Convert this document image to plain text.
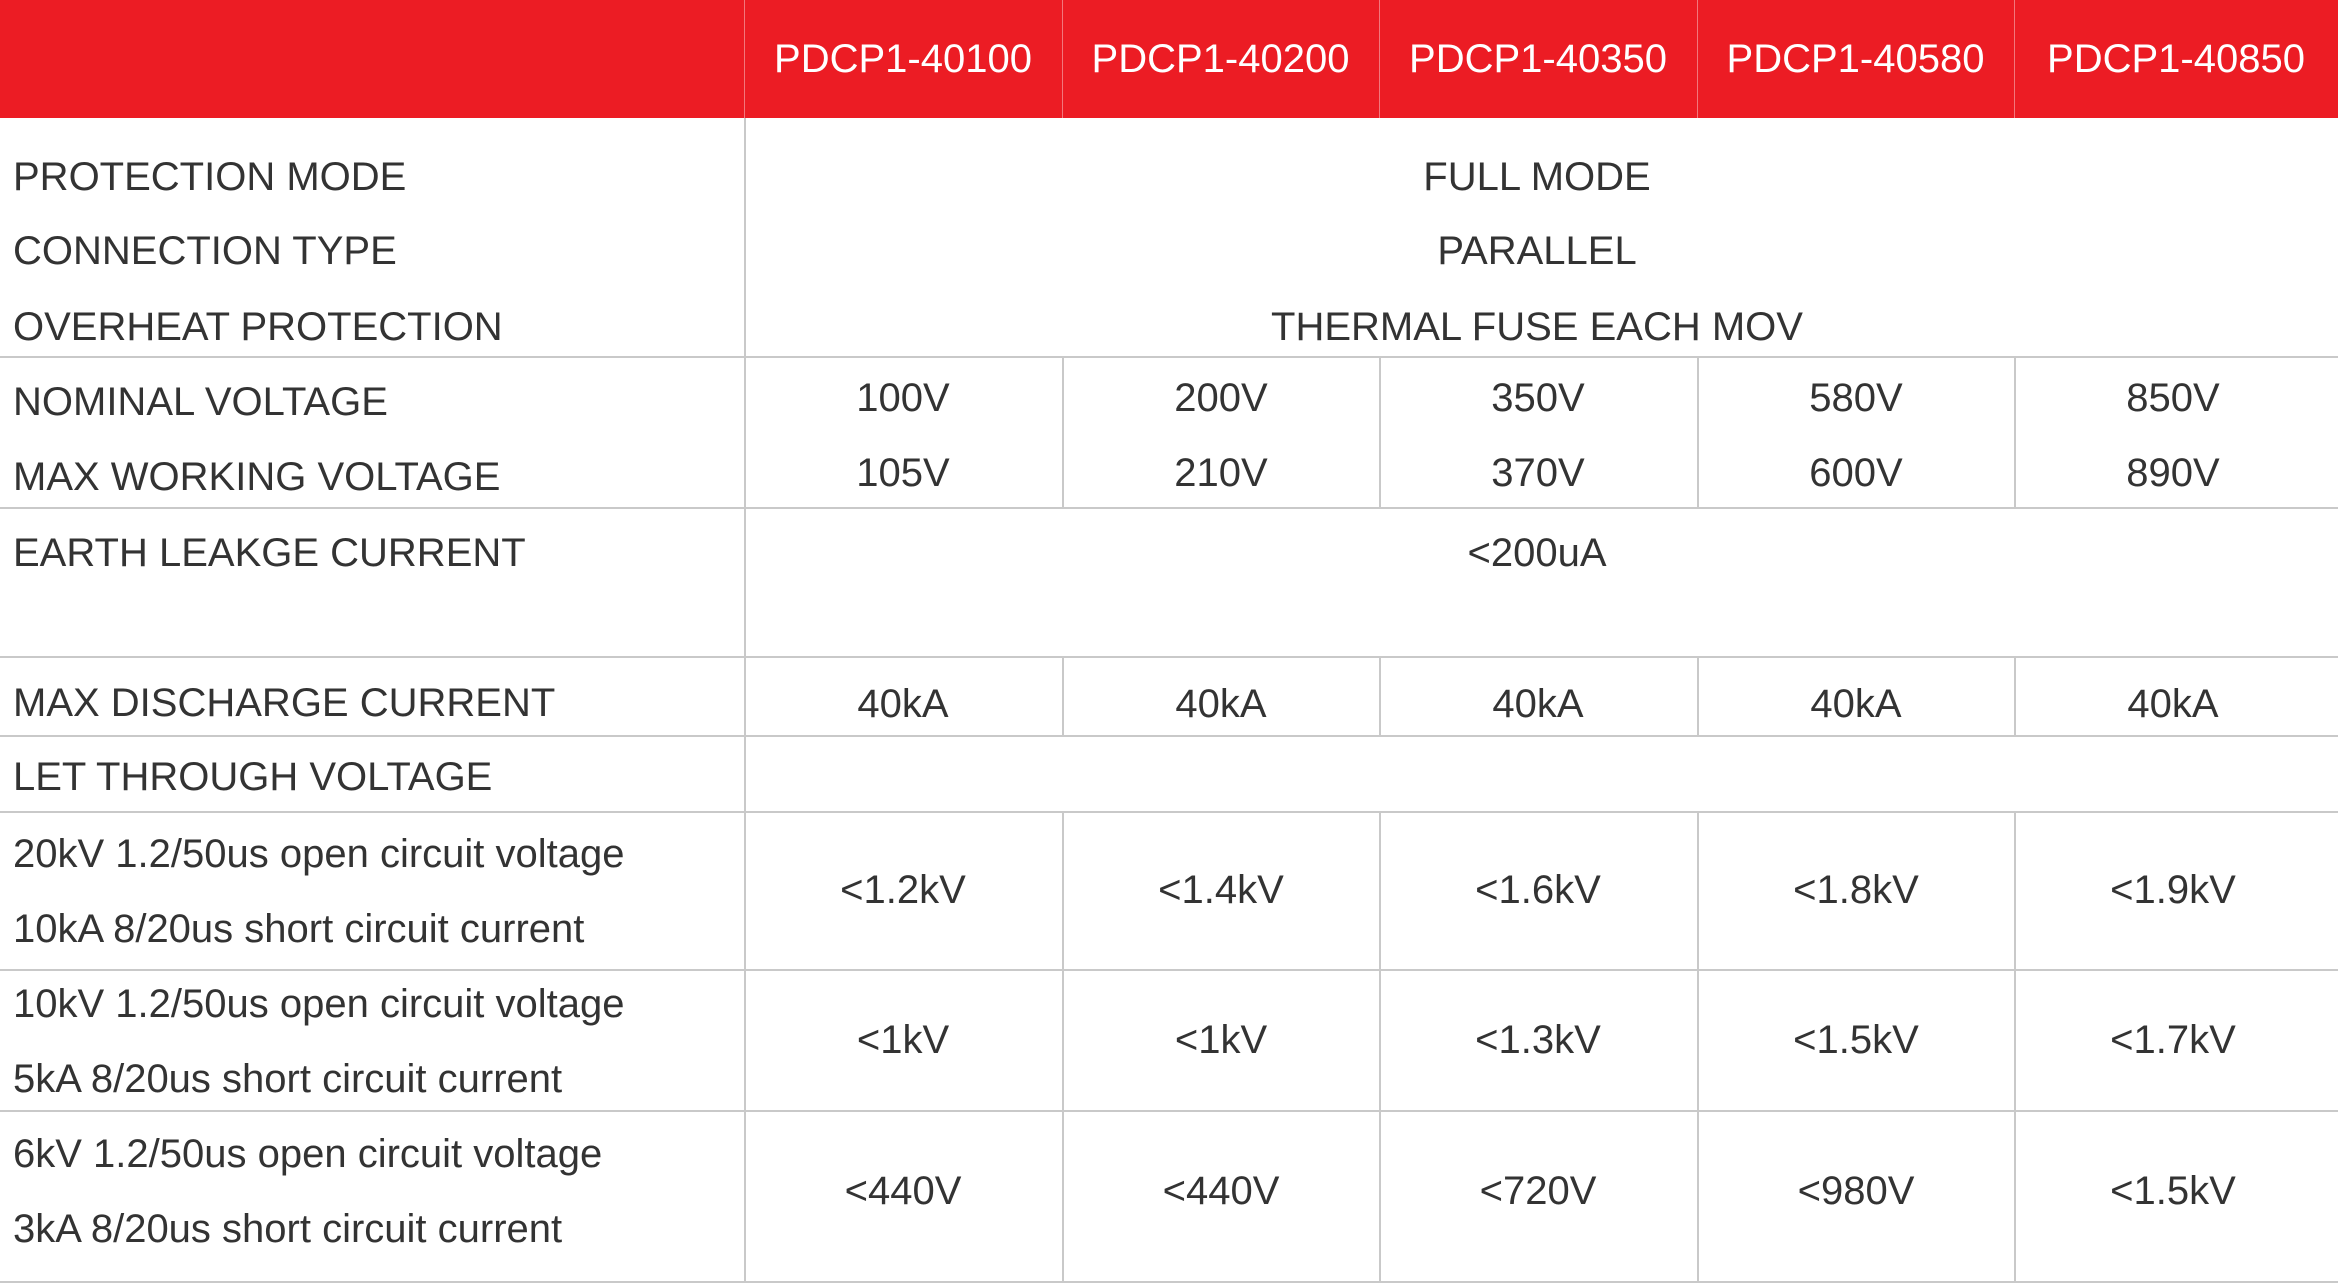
PDCP1-40100	PDCP1-40200	PDCP1-40350	PDCP1-40580	PDCP1-40850
PROTECTION MODE	FULL MODE
CONNECTION TYPE	PARALLEL
OVERHEAT PROTECTION	THERMAL FUSE EACH MOV
NOMINAL VOLTAGE	100V	200V	350V	580V	850V
MAX WORKING VOLTAGE	105V	210V	370V	600V	890V
EARTH LEAKGE CURRENT	<200uA
MAX DISCHARGE CURRENT	40kA	40kA	40kA	40kA	40kA
LET THROUGH VOLTAGE
20kV 1.2/50us open circuit voltage
10kA 8/20us short circuit current
<1.2kV	<1.4kV	<1.6kV	<1.8kV	<1.9kV
10kV 1.2/50us open circuit voltage
5kA 8/20us short circuit current
<1kV	<1kV	<1.3kV	<1.5kV	<1.7kV
6kV 1.2/50us open circuit voltage
3kA 8/20us short circuit current
<440V	<440V	<720V	<980V	<1.5kV
